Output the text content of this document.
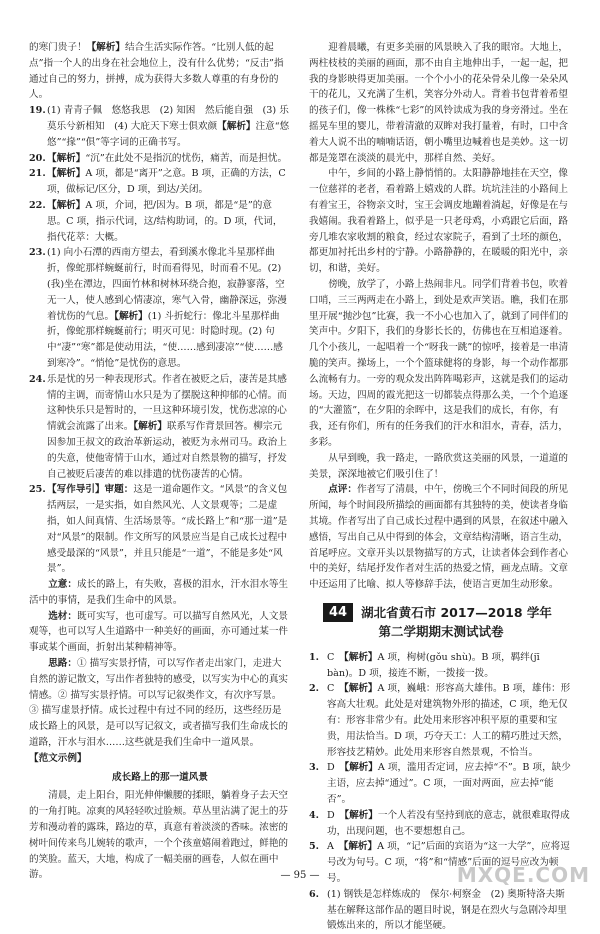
的寒门贵子！【解析】结合生活实际作答。“比别人低的起点”指一个人的出身在社会地位上，没有什么优势；“反击”指通过自己的努力，拼搏，成为获得大多数人尊重的有身份的人。

19. (1) 青青子佩　悠悠我思　(2) 知困　然后能自强　(3) 乐莫乐兮新相知　(4) 大庇天下寒士俱欢颜【解析】注意“悠悠”“掾”“俱”等字词的正确书写。
20. 【解析】“沉”在此处不是指沉的忧伤，痛苦，而是担忧。
21. 【解析】A 项，都是“离开”之意。B 项，正确的方法，C 项，做标记/区分，D 项，到达/关闭。
22. 【解析】A 项，介词，把/因为。B 项，都是“是”的意思。C 项，指示代词，这/结构助词，的。D 项，代词，指代花萃：大概。
23. (1) 向小石潭的西南方望去，看到溪水像北斗星那样曲折，像蛇那样蜿蜒前行，时而看得见，时而看不见。(2)(我)坐在潭边，四面竹林和树林环绕合抱，寂静寥落，空无一人，使人感到心情凄凉，寒气入骨，幽静深远，弥漫着忧伤的气息。【解析】(1) 斗折蛇行：像北斗星那样曲折，像蛇那样蜿蜒前行；明灭可见：时隐时现。(2) 句中“凄”“寒”都是使动用法，“使……感到凄凉”“使……感到寒冷”。“悄怆”是忧伤的意思。
24. 乐是忧的另一种表现形式。作者在被贬之后，凄苦是其感情的主调，而寄情山水只是为了摆脱这种抑郁的心情。而这种快乐只是暂时的，一旦这种环境引发，忧伤悲凉的心情就会流露了出来。【解析】联系写作背景回答。柳宗元因参加王叔文的政治革新运动，被贬为永州司马。政治上的失意，使他寄情于山水，通过对自然景物的描写，抒发自己被贬后凄苦的难以排遣的忧伤凄苦的心情。
25. 【写作导引】审题：这是一道命题作文。“风景”的含义包括两层，一是实指，如自然风光、人文景观等；二是虚指，如人间真情、生活场景等。“成长路上”和“那一道”是对“风景”的限制。作文所写的风景应当是自己成长过程中感受最深的“风景”，并且只能是“一道”，不能是多处“风景”。

立意：成长的路上，有失败，喜极的泪水，汗水泪水等生活中的事情，是我们生命中的风景。

选材：既可实写，也可虚写。可以描写自然风光，人文景观等，也可以写人生道路中一种美好的画面，亦可通过某一件事或某个画面，折射出某种精神等。

思路：① 描写实景抒情，可以写作者走出家门，走进大自然的游记散文，写出作者独特的感受，以写实为中心的真实情感。② 描写实景抒情。可以写记叙类作文，有次序写景。③ 描写虚景抒情。成长过程中有过不同的经历，这些经历是成长路上的风景，是可以写记叙文，或者描写我们生命成长的道路，汗水与泪水……这些就是我们生命中一道风景。

【范文示例】

成长路上的那一道风景

清晨，走上阳台，阳光伸伸懒腰的揉眼，躺着身子去天空的一角打盹。凉爽的风轻轻吹过脸颊。草丛里沾满了泥土的芬芳和漫动着的露珠，路边的草，真意有着淡淡的香味。浓密的树叶间传来鸟儿婉转的歌声，一个个孩童嬉闹着跑过，鲜艳的的笑脸。蓝天，大地，构成了一幅美丽的画卷，人似在画中游。

迎着晨曦，有更多美丽的风景映入了我的眼帘。大地上，两柱枝枝的美丽的画面，那不由自主地伸出手，一起一起，把我的身影映得更加美丽。一个个小小的花朵骨朵儿像一朵朵风干的花儿，又充满了生机，笑容分外动人。背着书包背着希望的孩子们，像一株株“七彩”的风铃读成为我的身旁滑过。坐在摇晃车里的婴儿，带着清澈的双眸对我打量着，有时，口中含着大人说不出的喃喃话语，朝小嘴里边喊着也是美妙。这一切都是笼罩在淡淡的晨光中，那样自然、美好。

中午，乡间的小路上静悄悄的。太阳静静地挂在天空，像一位慈祥的老者，看着路上嬉戏的人群。坑坑洼洼的小路间上有着宝王，谷物亲文时，宝王会调皮地蹦着淌起，好像是在与我嬉闹。我看着路上，似乎是一只老母鸡，小鸡跟它后面，路旁几堆农家收割的粮食，经过农家院子，看到了土坯的颜色，都更加衬托出乡村的宁静。小路静静的，在暖暖的阳光中，亲切，和谐，美好。

傍晚，放学了，小路上热闹非凡。同学们背着书包，吹着口哨，三三两两走在小路上，到处是欢声笑语。瞧，我们在那里开展“抛沙包”比赛，我一不小心也加入了，就到了同伴们的笑声中。夕阳下，我们的身影长长的，仿佛也在互相追逐着。几个小孩儿，一起唱着一个“呀我一跳”的惊呼，接着是一串清脆的笑声。操场上，一个个篮球健将的身影，每一个动作都那么流畅有力。一旁的观众发出阵阵喝彩声，这就是我们的运动场。天边，四周的霞光把这一切都装点得那么美，一个个追逐的“大灌篮”，在夕阳的余晖中，这是我们的成长，有你，有我，还有你们，所有的任务我们的汗水和泪水，青春，活力，多彩。

从早到晚，我一路走，一路欣赏这美丽的风景，一道道的美景，深深地被它们吸引住了！

点评：作者写了清晨，中午，傍晚三个不同时间段的所见所闻，每个时间段所描绘的画面都有其独特的美，使读者身临其境。作者写出了自己成长过程中遇到的风景，在叙述中融入感悟，写出自己从中得到的体会，文章结构清晰，语言生动，首尾呼应。文章开头以景物描写的方式，让读者体会到作者心中的美好，结尾抒发作者对生活的热爱之情，画龙点睛。文章中还运用了比喻、拟人等修辞手法，使语言更加生动形象。

44	湖北省黄石市 2017—2018 学年
第二学期期末测试试卷
1. C　 【解析】A 项，枸树(gǒu shù)。B 项，羁绊(jī bàn)。D 项，接连不断，一拨接一拨。
2. C　 【解析】A 项，巍峨：形容高大雄伟。B 项，雄伟：形容高大壮观。此处是对建筑物外形的描述，C 项，绝无仅有：形容非常少有。此处用来形容冲积平原的重要和宝贵，用法恰当。D 项，巧夺天工：人工的精巧胜过天然，形容技艺精妙。此处用来形容自然景观，不恰当。
3. D　 【解析】A 项，滥用否定词，应去掉“不”。B 项，缺少主语，应去掉“通过”。C 项，一面对两面，应去掉“能否”。
4. D　 【解析】一个人若没有坚持到底的意志，就很难取得成功，出现问题，也不要想想自己。
5. A　 【解析】A 项，“记”后面的宾语为“这一大学”，应将逗号改为句号。C 项，“将”和“情感”后面的逗号应改为顿号。
6. (1) 钢铁是怎样炼成的　保尔·柯察金　(2) 奥斯特洛夫斯基在解释这部作品的题目时说，钢是在烈火与急剧冷却里锻炼出来的，所以才能坚硬。
— 95 —	MXQE.COM
